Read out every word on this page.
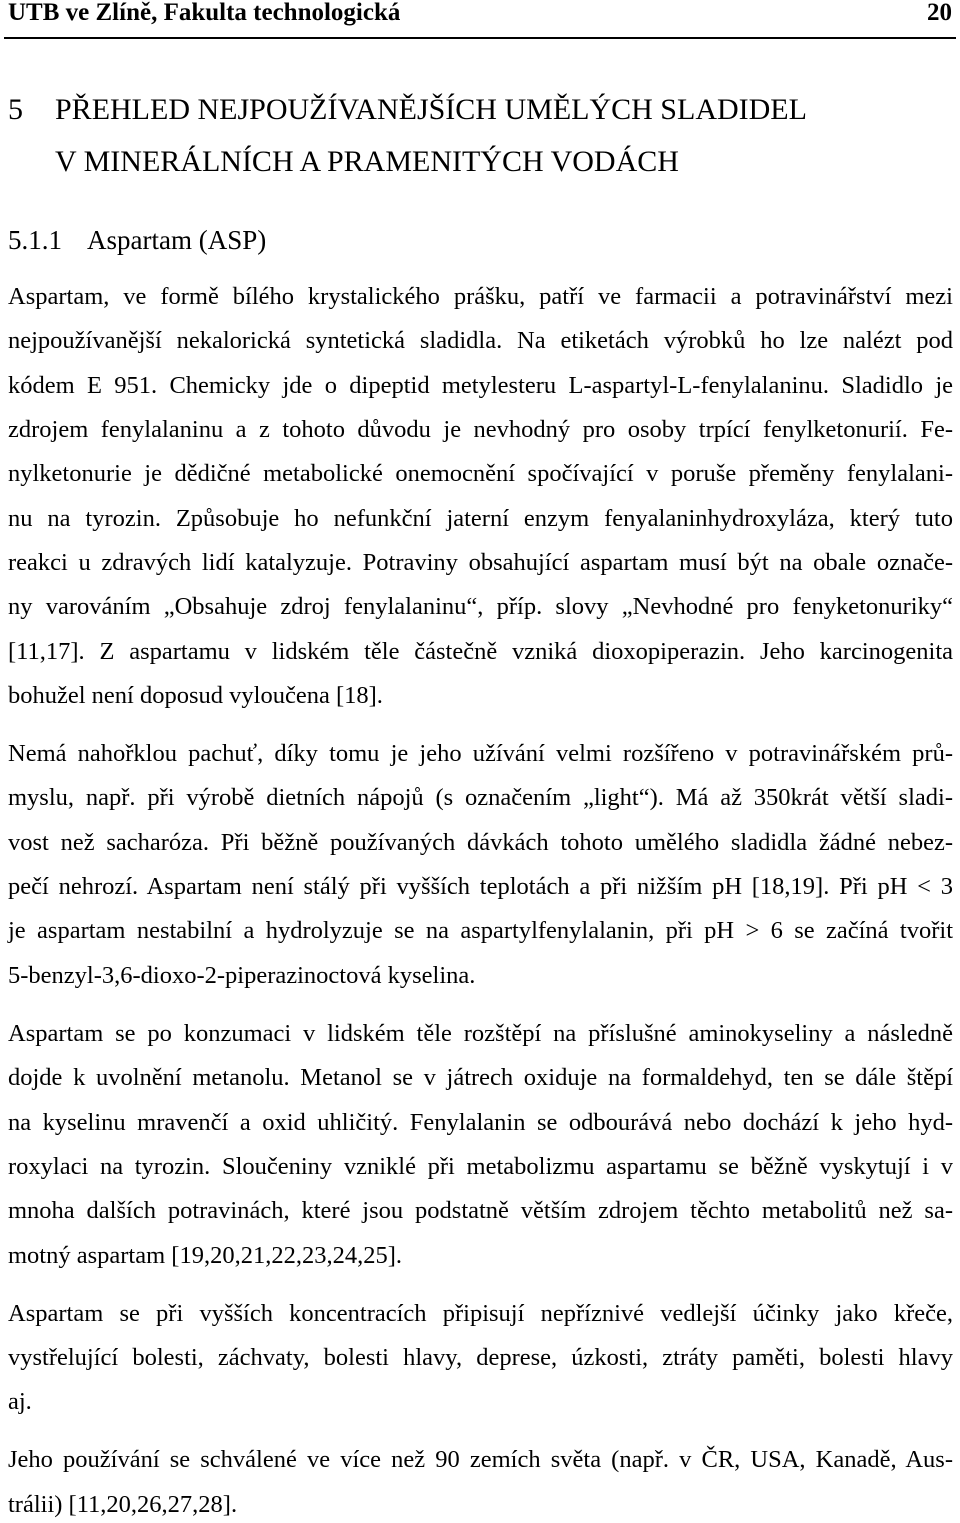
UTB ve Zlíně, Fakulta technologická	20
5 PŘEHLED NEJPOUŽÍVANĚJŠÍCH UMĚLÝCH SLADIDEL
V MINERÁLNÍCH A PRAMENITÝCH VODÁCH
5.1.1 Aspartam (ASP)
Aspartam, ve formě bílého krystalického prášku, patří ve farmacii a potravinářství mezi
nejpoužívanější nekalorická syntetická sladidla. Na etiketách výrobků ho lze nalézt pod
kódem E 951. Chemicky jde o dipeptid metylesteru L-aspartyl-L-fenylalaninu. Sladidlo je
zdrojem fenylalaninu a z tohoto důvodu je nevhodný pro osoby trpící fenylketonurií. Fe-
nylketonurie je dědičné metabolické onemocnění spočívající v poruše přeměny fenylalani-
nu na tyrozin. Způsobuje ho nefunkční jaterní enzym fenyalaninhydroxyláza, který tuto
reakci u zdravých lidí katalyzuje. Potraviny obsahující aspartam musí být na obale označe-
ny varováním „Obsahuje zdroj fenylalaninu“, příp. slovy „Nevhodné pro fenyketonuriky“
[11,17]. Z aspartamu v lidském těle částečně vzniká dioxopiperazin. Jeho karcinogenita
bohužel není doposud vyloučena [18].
Nemá nahořklou pachuť, díky tomu je jeho užívání velmi rozšířeno v potravinářském prů-
myslu, např. při výrobě dietních nápojů (s označením „light“). Má až 350krát větší sladi-
vost než sacharóza. Při běžně používaných dávkách tohoto umělého sladidla žádné nebez-
pečí nehrozí. Aspartam není stálý při vyšších teplotách a při nižším pH [18,19]. Při pH < 3
je aspartam nestabilní a hydrolyzuje se na aspartylfenylalanin, při pH > 6 se začíná tvořit
5-benzyl-3,6-dioxo-2-piperazinoctová kyselina.
Aspartam se po konzumaci v lidském těle rozštěpí na příslušné aminokyseliny a následně
dojde k uvolnění metanolu. Metanol se v játrech oxiduje na formaldehyd, ten se dále štěpí
na kyselinu mravenčí a oxid uhličitý. Fenylalanin se odbourává nebo dochází k jeho hyd-
roxylaci na tyrozin. Sloučeniny vzniklé při metabolizmu aspartamu se běžně vyskytují i v
mnoha dalších potravinách, které jsou podstatně větším zdrojem těchto metabolitů než sa-
motný aspartam [19,20,21,22,23,24,25].
Aspartam se při vyšších koncentracích připisují nepříznivé vedlejší účinky jako křeče,
vystřelující bolesti, záchvaty, bolesti hlavy, deprese, úzkosti, ztráty paměti, bolesti hlavy
aj.
Jeho používání se schválené ve více než 90 zemích světa (např. v ČR, USA, Kanadě, Aus-
trálii) [11,20,26,27,28].
